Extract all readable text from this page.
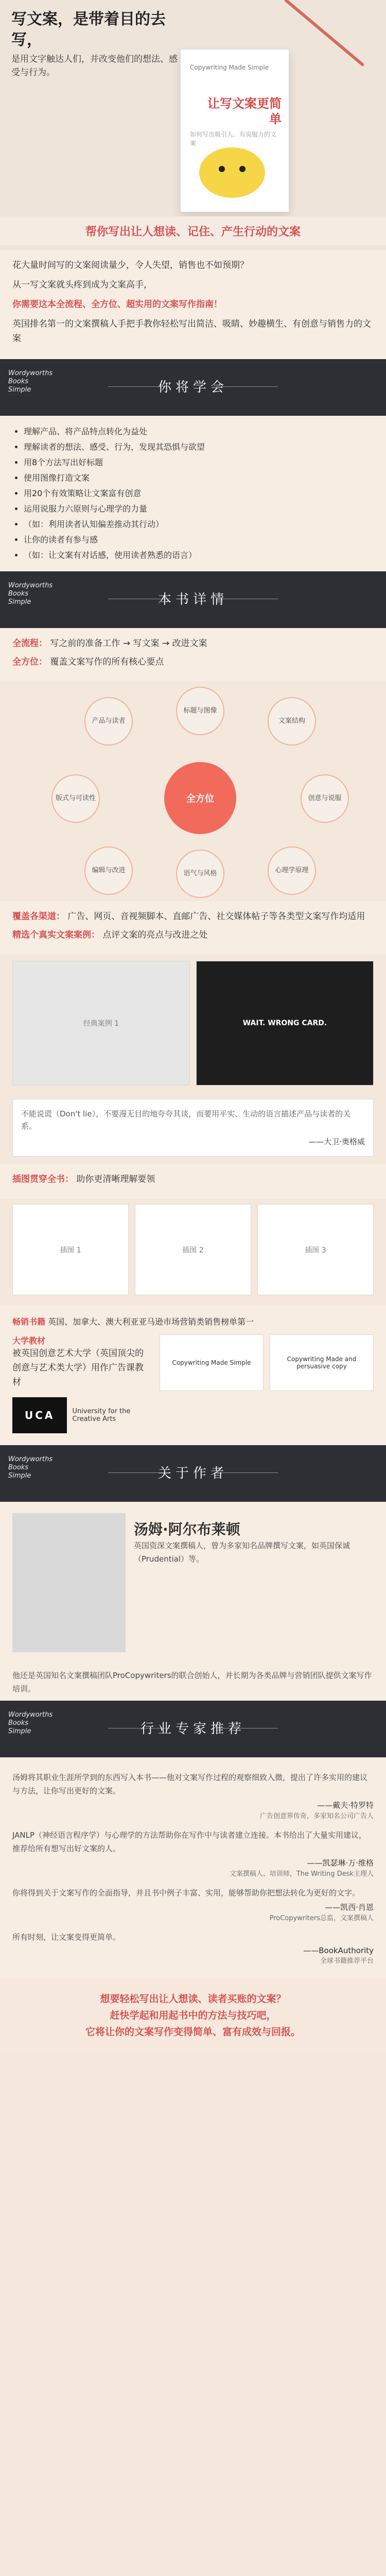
写文案，是带着目的去写，
是用文字触达人们，并改变他们的想法、感受与行为。	Copywriting Made Simple
让写文案更简单
如何写出吸引人、有说服力的文案
帮你写出让人想读、记住、产生行动的文案

花大量时间写的文案阅读量少，令人失望，销售也不如预期？

从一写文案就头疼到成为文案高手，

你需要这本全流程、全方位、超实用的文案写作指南！

英国排名第一的文案撰稿人手把手教你轻松写出简洁、吸睛、妙趣横生、有创意与销售力的文案

Wordyworths
Books
Simple	你将学会
• 理解产品、将产品特点转化为益处
• 理解读者的想法、感受、行为，发现其恐惧与欲望
• 用8个方法写出好标题
• 使用图像打造文案
• 用20个有效策略让文案富有创意
• 运用说服力六原则与心理学的力量
• （如：利用读者认知偏差推动其行动）
• 让你的读者有参与感
• （如：让文案有对话感，使用读者熟悉的语言）
Wordyworths
Books
Simple	本书详情

全流程： 写之前的准备工作 → 写文案 → 改进文案

全方位： 覆盖文案写作的所有核心要点

全方位
产品与读者
标题与图像
文案结构
创意与说服
心理学原理
语气与风格
编辑与改进
版式与可读性

覆盖各渠道： 广告、网页、音视频脚本、直邮广告、社交媒体帖子等各类型文案写作均适用

精选个真实文案案例： 点评文案的亮点与改进之处

经典案例 1	WAIT. WRONG CARD.
不能说谎（Don't lie），不要漫无目的地夸夸其谈，而要用平实、生动的语言描述产品与读者的关系。
——大卫·奥格威

插图贯穿全书： 助你更清晰理解要领

插图 1	插图 2	插图 3
畅销书籍 英国、加拿大、澳大利亚亚马逊市场营销类销售榜单第一
大学教材
被英国创意艺术大学（英国顶尖的创意与艺术类大学）用作广告课教材
UCA	University for the Creative Arts
Copywriting Made Simple	Copywriting Made and persuasive copy
Wordyworths
Books
Simple	关于作者
汤姆·阿尔布莱顿
英国资深文案撰稿人，曾为多家知名品牌撰写文案，如英国保诚（Prudential）等。
他还是英国知名文案撰稿团队ProCopywriters的联合创始人，并长期为各类品牌与营销团队提供文案写作培训。
Wordyworths
Books
Simple	行业专家推荐
汤姆将其职业生涯所学到的东西写入本书——他对文案写作过程的观察细致入微，提出了许多实用的建议与方法，让你写出更好的文案。
——戴夫·特罗特
广告创意界传奇，多家知名公司广告人
JANLP（神经语言程序学）与心理学的方法帮助你在写作中与读者建立连接。本书给出了大量实用建议，推荐给所有想写出好文案的人。
——凯瑟琳·万·维格
文案撰稿人、培训师，The Writing Desk主理人
你将得到关于文案写作的全面指导，并且书中例子丰富、实用，能够帮助你把想法转化为更好的文字。
——凯西·肖恩
ProCopywriters总监，文案撰稿人
所有时刻，让文案变得更简单。
——BookAuthority
全球书籍推荐平台
想要轻松写出让人想读、读者买账的文案？
赶快学起和用起书中的方法与技巧吧，
它将让你的文案写作变得简单、富有成效与回报。
